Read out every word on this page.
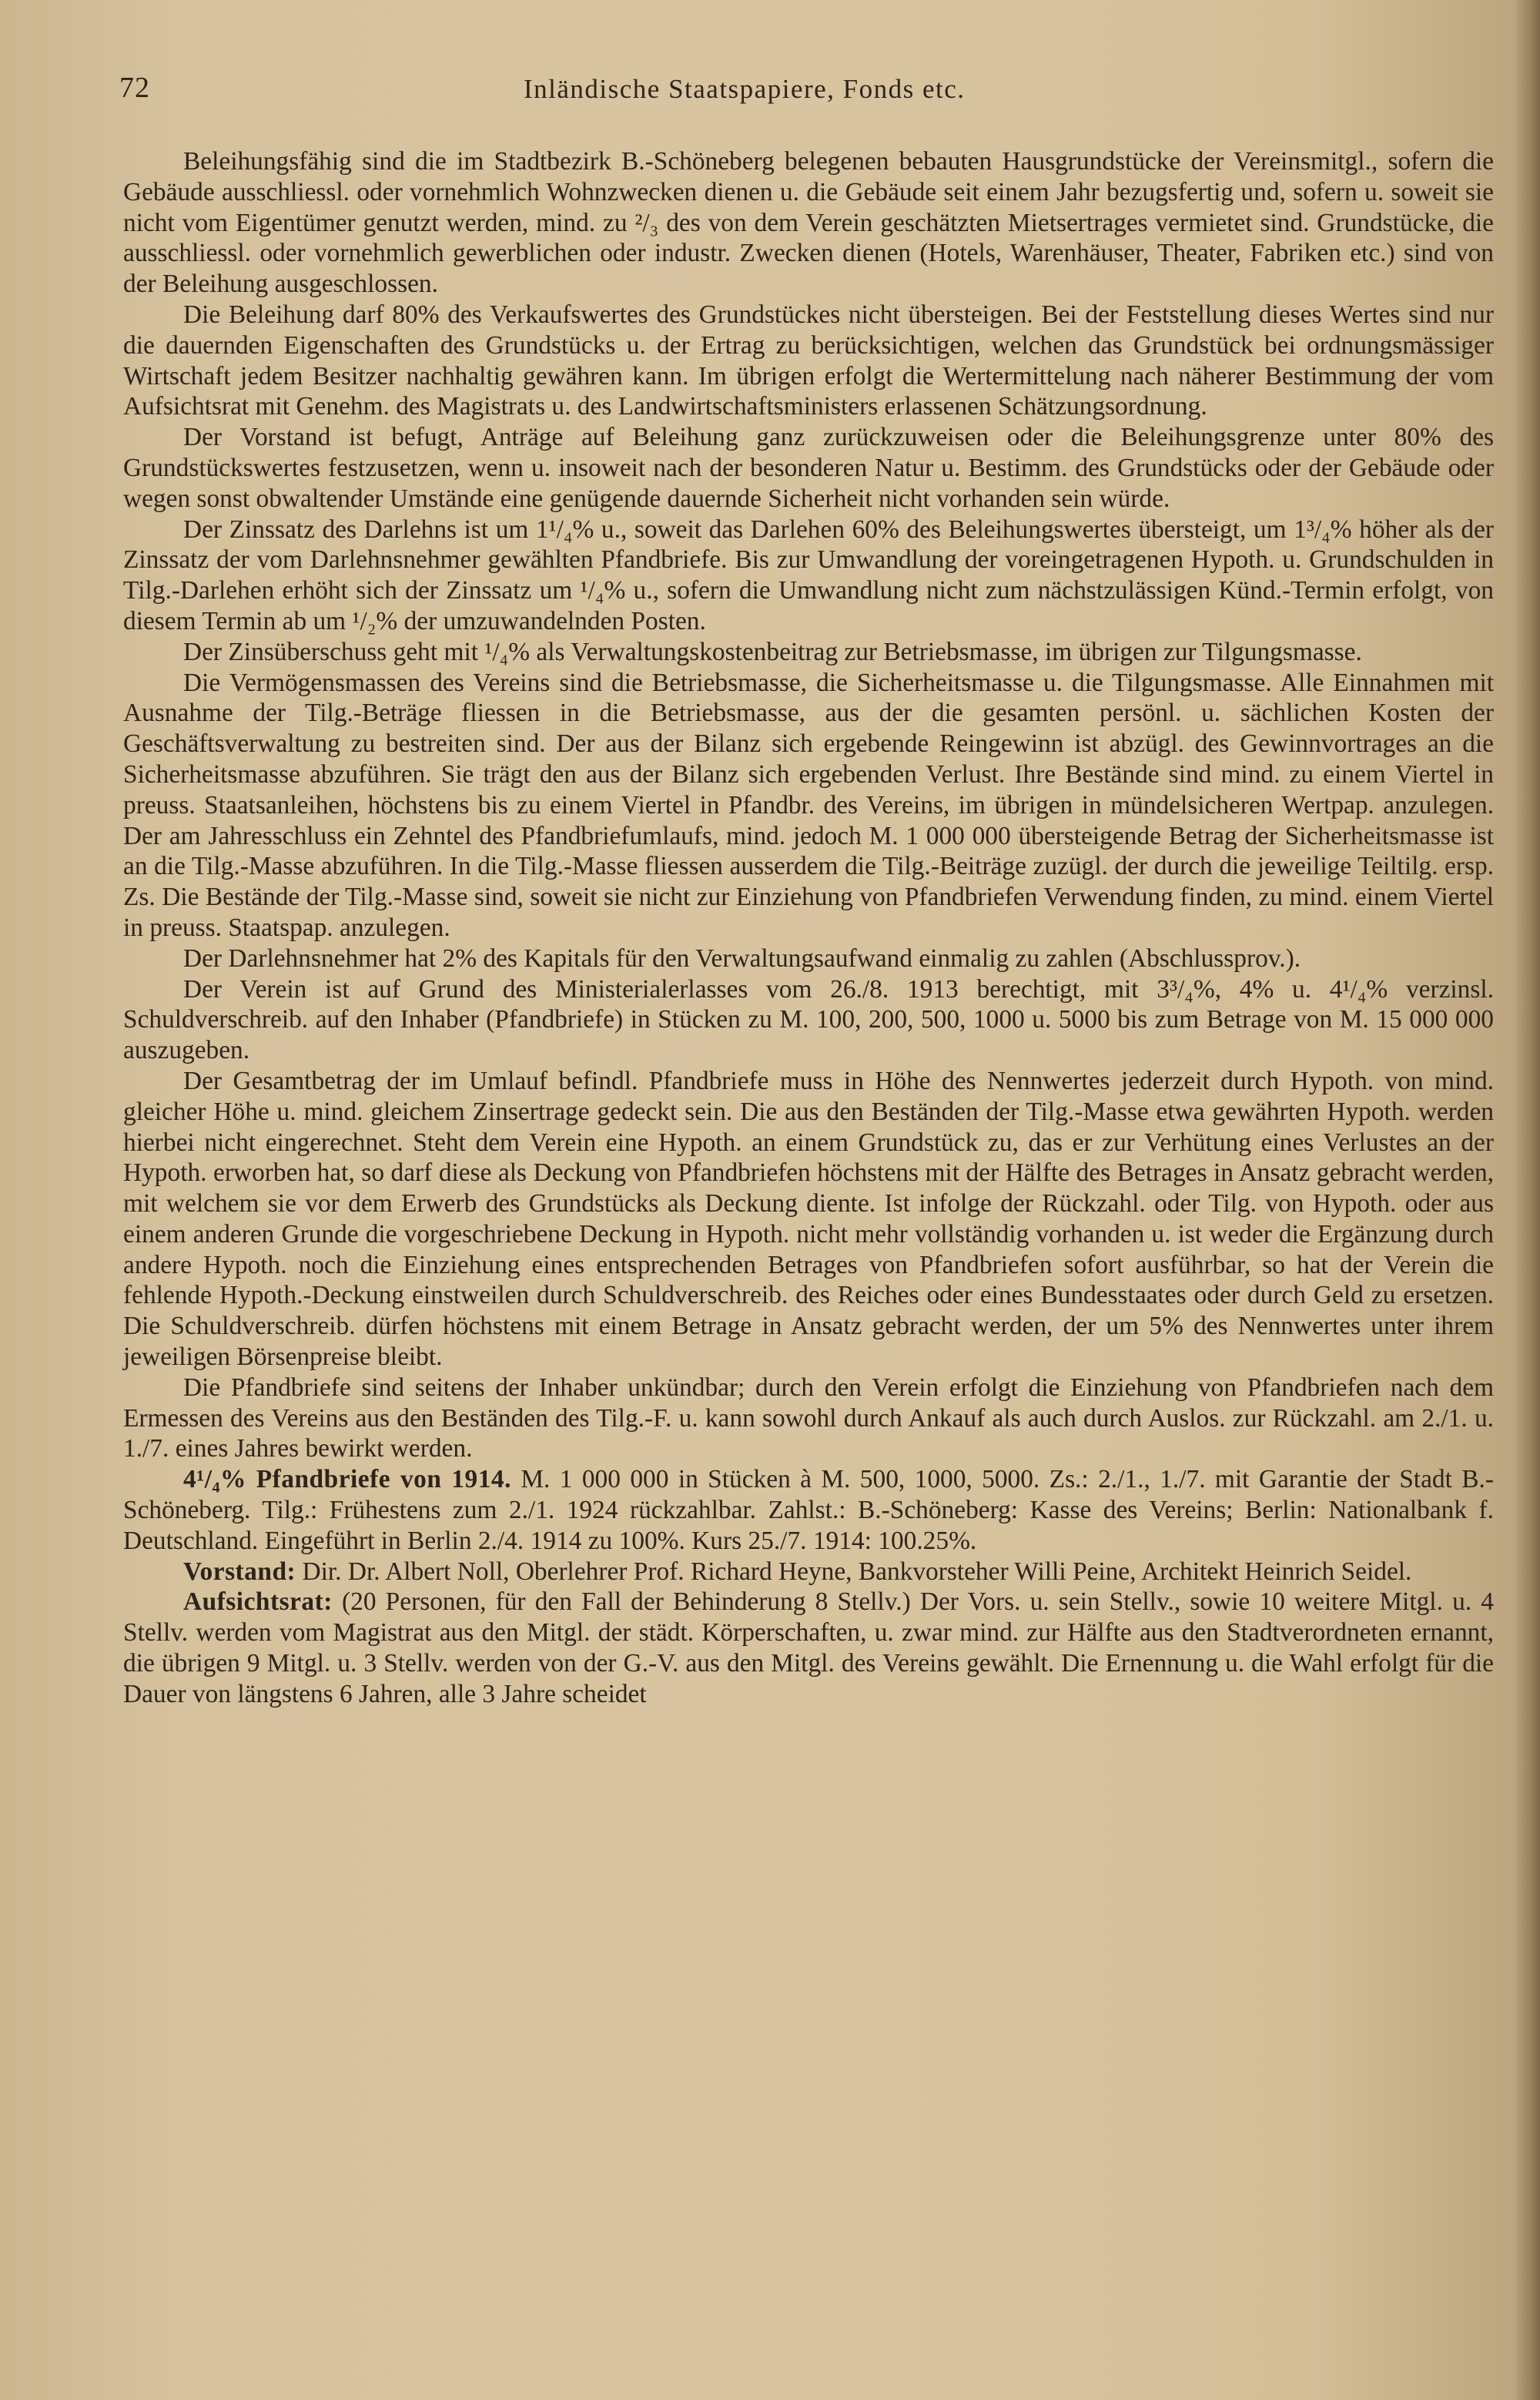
72	Inländische Staatspapiere, Fonds etc.

Beleihungsfähig sind die im Stadtbezirk B.-Schöneberg belegenen bebauten Hausgrundstücke der Vereinsmitgl., sofern die Gebäude ausschliessl. oder vornehmlich Wohnzwecken dienen u. die Gebäude seit einem Jahr bezugsfertig und, sofern u. soweit sie nicht vom Eigentümer genutzt werden, mind. zu ²/₃ des von dem Verein geschätzten Mietsertrages vermietet sind. Grundstücke, die ausschliessl. oder vornehmlich gewerblichen oder industr. Zwecken dienen (Hotels, Warenhäuser, Theater, Fabriken etc.) sind von der Beleihung ausgeschlossen.

Die Beleihung darf 80% des Verkaufswertes des Grundstückes nicht übersteigen. Bei der Feststellung dieses Wertes sind nur die dauernden Eigenschaften des Grundstücks u. der Ertrag zu berücksichtigen, welchen das Grundstück bei ordnungsmässiger Wirtschaft jedem Besitzer nachhaltig gewähren kann. Im übrigen erfolgt die Wertermittelung nach näherer Bestimmung der vom Aufsichtsrat mit Genehm. des Magistrats u. des Landwirtschaftsministers erlassenen Schätzungsordnung.

Der Vorstand ist befugt, Anträge auf Beleihung ganz zurückzuweisen oder die Beleihungsgrenze unter 80% des Grundstückswertes festzusetzen, wenn u. insoweit nach der besonderen Natur u. Bestimm. des Grundstücks oder der Gebäude oder wegen sonst obwaltender Umstände eine genügende dauernde Sicherheit nicht vorhanden sein würde.

Der Zinssatz des Darlehns ist um 1¹/₄% u., soweit das Darlehen 60% des Beleihungswertes übersteigt, um 1³/₄% höher als der Zinssatz der vom Darlehnsnehmer gewählten Pfandbriefe. Bis zur Umwandlung der voreingetragenen Hypoth. u. Grundschulden in Tilg.-Darlehen erhöht sich der Zinssatz um ¹/₄% u., sofern die Umwandlung nicht zum nächstzulässigen Künd.-Termin erfolgt, von diesem Termin ab um ¹/₂% der umzuwandelnden Posten.

Der Zinsüberschuss geht mit ¹/₄% als Verwaltungskostenbeitrag zur Betriebsmasse, im übrigen zur Tilgungsmasse.

Die Vermögensmassen des Vereins sind die Betriebsmasse, die Sicherheitsmasse u. die Tilgungsmasse. Alle Einnahmen mit Ausnahme der Tilg.-Beträge fliessen in die Betriebsmasse, aus der die gesamten persönl. u. sächlichen Kosten der Geschäftsverwaltung zu bestreiten sind. Der aus der Bilanz sich ergebende Reingewinn ist abzügl. des Gewinnvortrages an die Sicherheitsmasse abzuführen. Sie trägt den aus der Bilanz sich ergebenden Verlust. Ihre Bestände sind mind. zu einem Viertel in preuss. Staatsanleihen, höchstens bis zu einem Viertel in Pfandbr. des Vereins, im übrigen in mündelsicheren Wertpap. anzulegen. Der am Jahresschluss ein Zehntel des Pfandbriefumlaufs, mind. jedoch M. 1 000 000 übersteigende Betrag der Sicherheitsmasse ist an die Tilg.-Masse abzuführen. In die Tilg.-Masse fliessen ausserdem die Tilg.-Beiträge zuzügl. der durch die jeweilige Teiltilg. ersp. Zs. Die Bestände der Tilg.-Masse sind, soweit sie nicht zur Einziehung von Pfandbriefen Verwendung finden, zu mind. einem Viertel in preuss. Staatspap. anzulegen.

Der Darlehnsnehmer hat 2% des Kapitals für den Verwaltungsaufwand einmalig zu zahlen (Abschlussprov.).

Der Verein ist auf Grund des Ministerialerlasses vom 26./8. 1913 berechtigt, mit 3³/₄%, 4% u. 4¹/₄% verzinsl. Schuldverschreib. auf den Inhaber (Pfandbriefe) in Stücken zu M. 100, 200, 500, 1000 u. 5000 bis zum Betrage von M. 15 000 000 auszugeben.

Der Gesamtbetrag der im Umlauf befindl. Pfandbriefe muss in Höhe des Nennwertes jederzeit durch Hypoth. von mind. gleicher Höhe u. mind. gleichem Zinsertrage gedeckt sein. Die aus den Beständen der Tilg.-Masse etwa gewährten Hypoth. werden hierbei nicht eingerechnet. Steht dem Verein eine Hypoth. an einem Grundstück zu, das er zur Verhütung eines Verlustes an der Hypoth. erworben hat, so darf diese als Deckung von Pfandbriefen höchstens mit der Hälfte des Betrages in Ansatz gebracht werden, mit welchem sie vor dem Erwerb des Grundstücks als Deckung diente. Ist infolge der Rückzahl. oder Tilg. von Hypoth. oder aus einem anderen Grunde die vorgeschriebene Deckung in Hypoth. nicht mehr vollständig vorhanden u. ist weder die Ergänzung durch andere Hypoth. noch die Einziehung eines entsprechenden Betrages von Pfandbriefen sofort ausführbar, so hat der Verein die fehlende Hypoth.-Deckung einstweilen durch Schuldverschreib. des Reiches oder eines Bundesstaates oder durch Geld zu ersetzen. Die Schuldverschreib. dürfen höchstens mit einem Betrage in Ansatz gebracht werden, der um 5% des Nennwertes unter ihrem jeweiligen Börsenpreise bleibt.

Die Pfandbriefe sind seitens der Inhaber unkündbar; durch den Verein erfolgt die Einziehung von Pfandbriefen nach dem Ermessen des Vereins aus den Beständen des Tilg.-F. u. kann sowohl durch Ankauf als auch durch Auslos. zur Rückzahl. am 2./1. u. 1./7. eines Jahres bewirkt werden.

4¹/₄% Pfandbriefe von 1914. M. 1 000 000 in Stücken à M. 500, 1000, 5000. Zs.: 2./1., 1./7. mit Garantie der Stadt B.-Schöneberg. Tilg.: Frühestens zum 2./1. 1924 rückzahlbar. Zahlst.: B.-Schöneberg: Kasse des Vereins; Berlin: Nationalbank f. Deutschland. Eingeführt in Berlin 2./4. 1914 zu 100%. Kurs 25./7. 1914: 100.25%.

Vorstand: Dir. Dr. Albert Noll, Oberlehrer Prof. Richard Heyne, Bankvorsteher Willi Peine, Architekt Heinrich Seidel.

Aufsichtsrat: (20 Personen, für den Fall der Behinderung 8 Stellv.) Der Vors. u. sein Stellv., sowie 10 weitere Mitgl. u. 4 Stellv. werden vom Magistrat aus den Mitgl. der städt. Körperschaften, u. zwar mind. zur Hälfte aus den Stadtverordneten ernannt, die übrigen 9 Mitgl. u. 3 Stellv. werden von der G.-V. aus den Mitgl. des Vereins gewählt. Die Ernennung u. die Wahl erfolgt für die Dauer von längstens 6 Jahren, alle 3 Jahre scheidet
